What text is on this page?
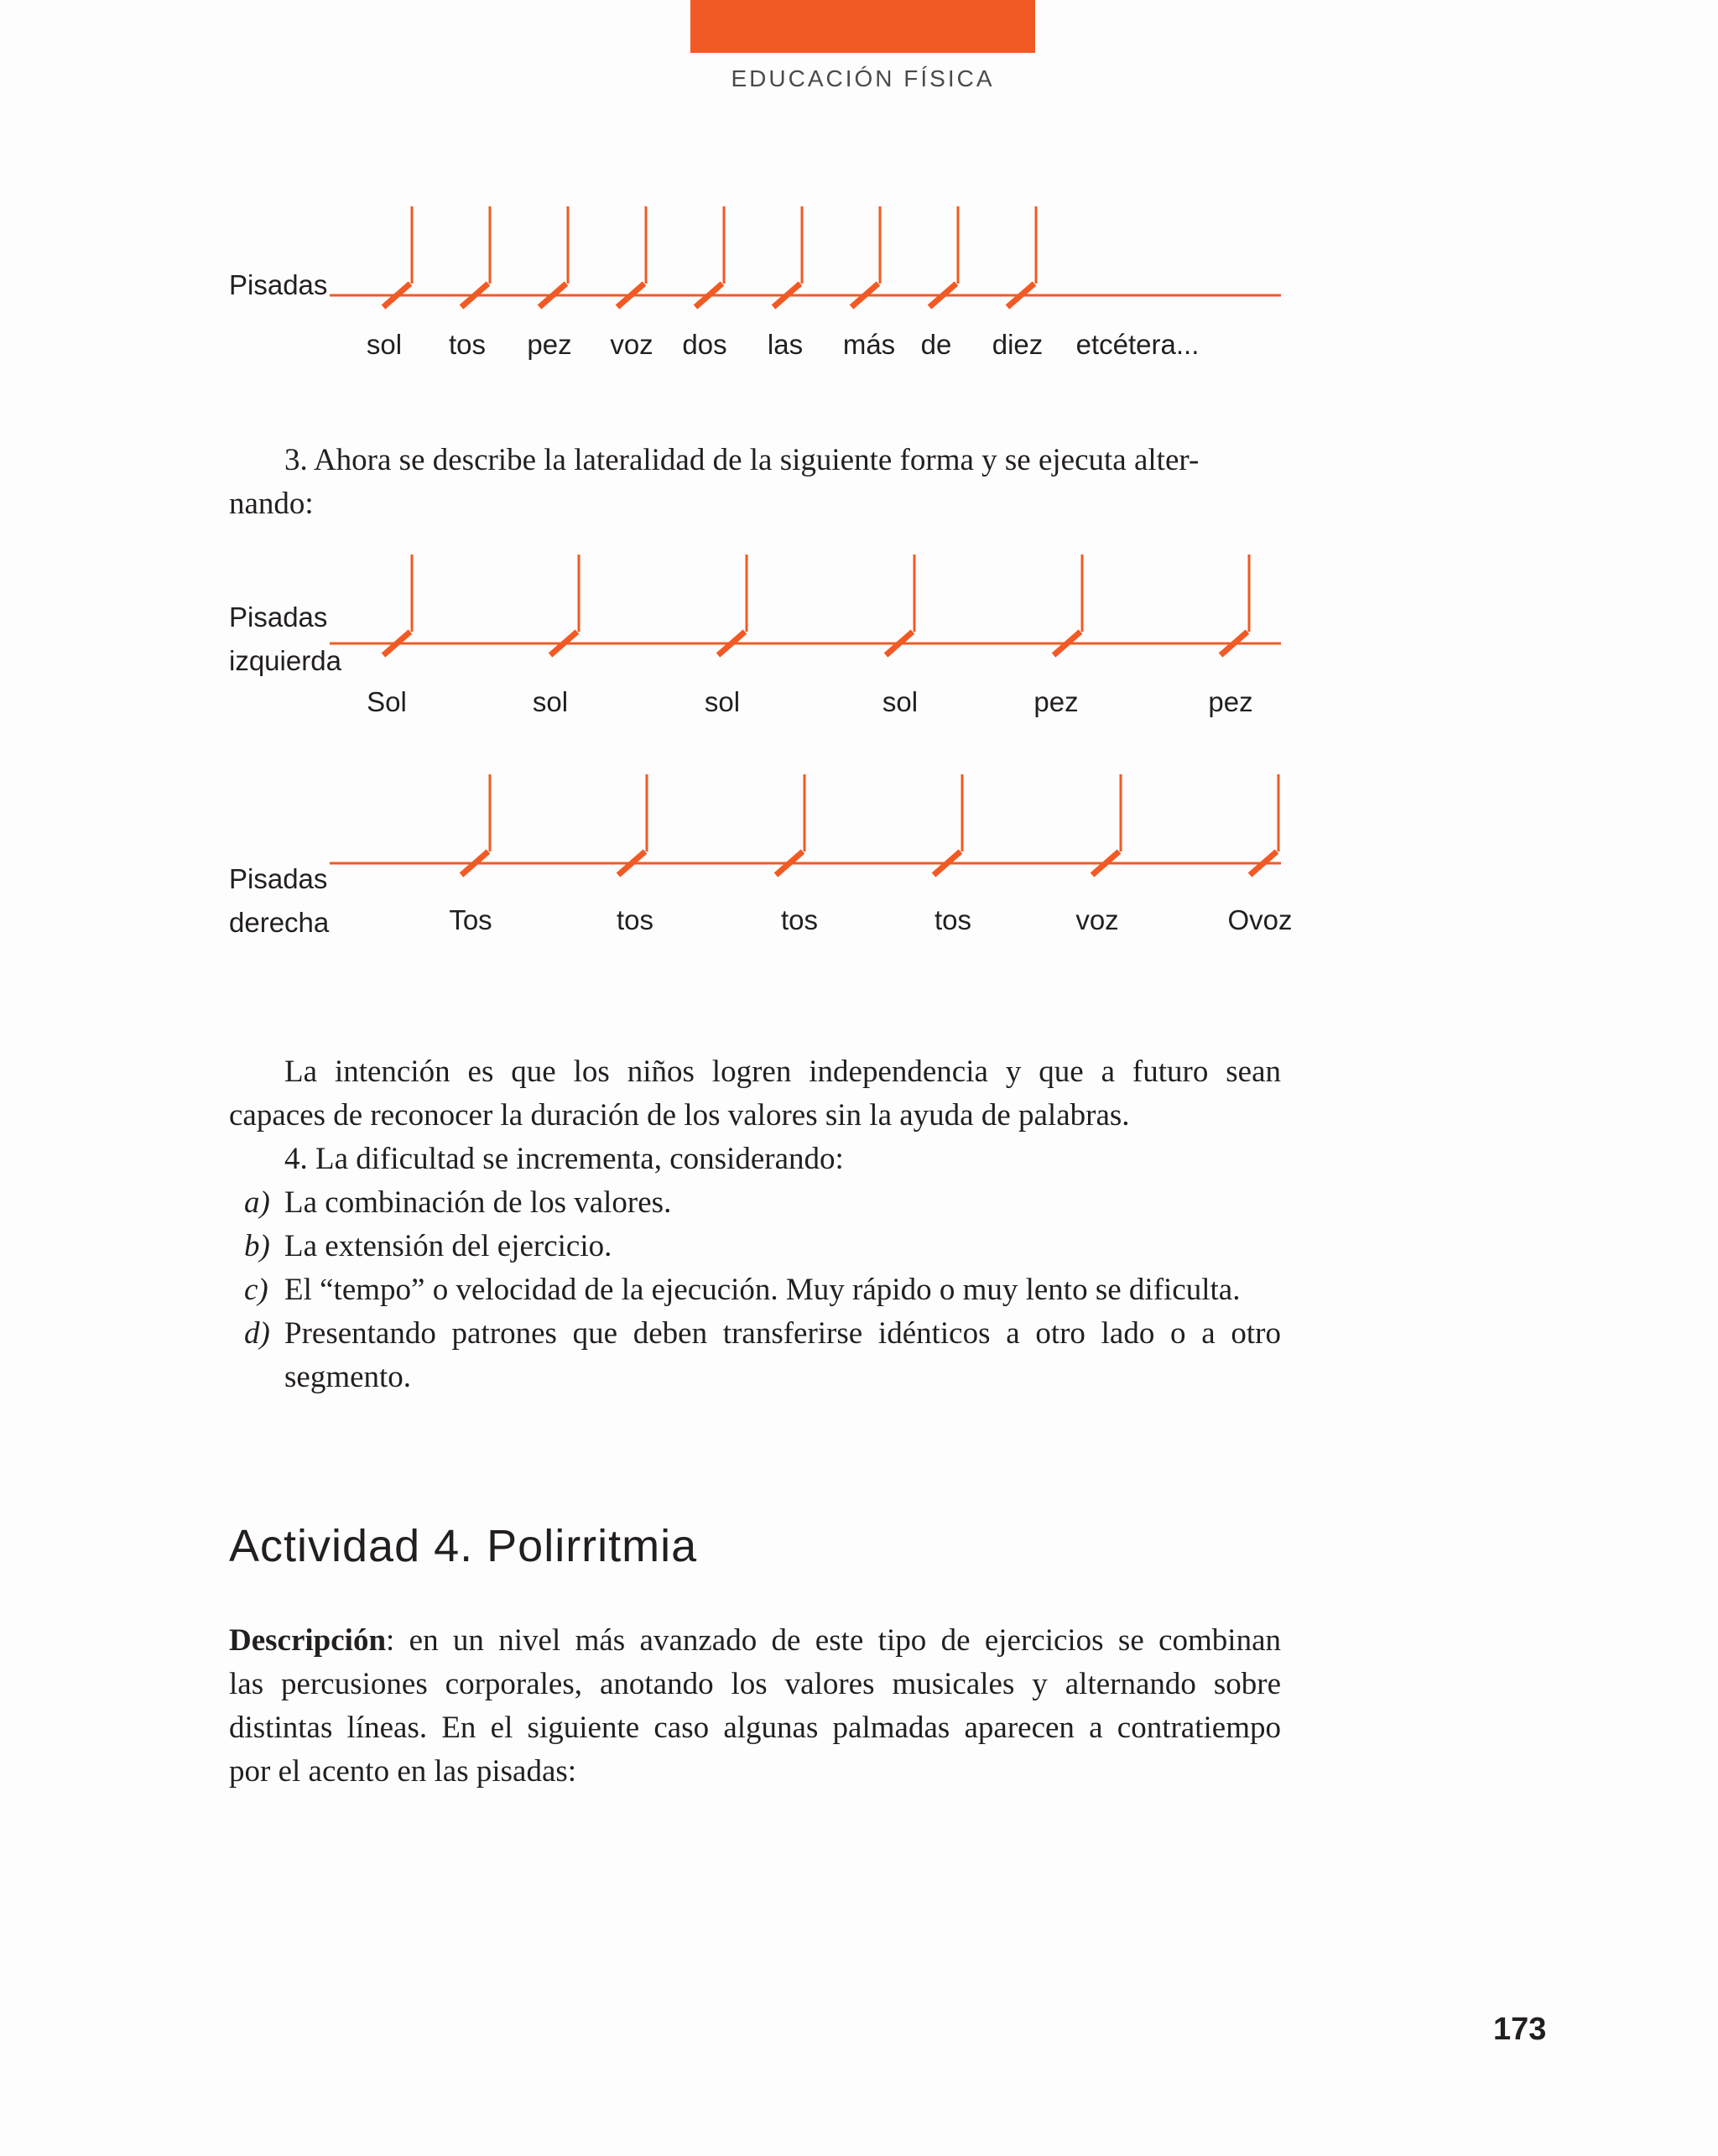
EDUCACIÓN FÍSICA
Pisadas
sol tos pez voz dos las más de diez etcétera...

3. Ahora se describe la lateralidad de la siguiente forma y se ejecuta alter-
nando:

Pisadas
izquierda
Sol	sol	sol	sol	pez	pez
Pisadas
derecha	Tos	tos	tos	tos	voz	Ovoz

La intención es que los niños logren independencia y que a futuro sean
capaces de reconocer la duración de los valores sin la ayuda de palabras.

4. La dificultad se incrementa, considerando:

a) La combinación de los valores.
b) La extensión del ejercicio.
c) El “tempo” o velocidad de la ejecución. Muy rápido o muy lento se dificulta.
d) Presentando patrones que deben transferirse idénticos a otro lado o a otro
segmento.
Actividad 4. Polirritmia

Descripción: en un nivel más avanzado de este tipo de ejercicios se combinan
las percusiones corporales, anotando los valores musicales y alternando sobre
distintas líneas. En el siguiente caso algunas palmadas aparecen a contratiempo
por el acento en las pisadas:

173
